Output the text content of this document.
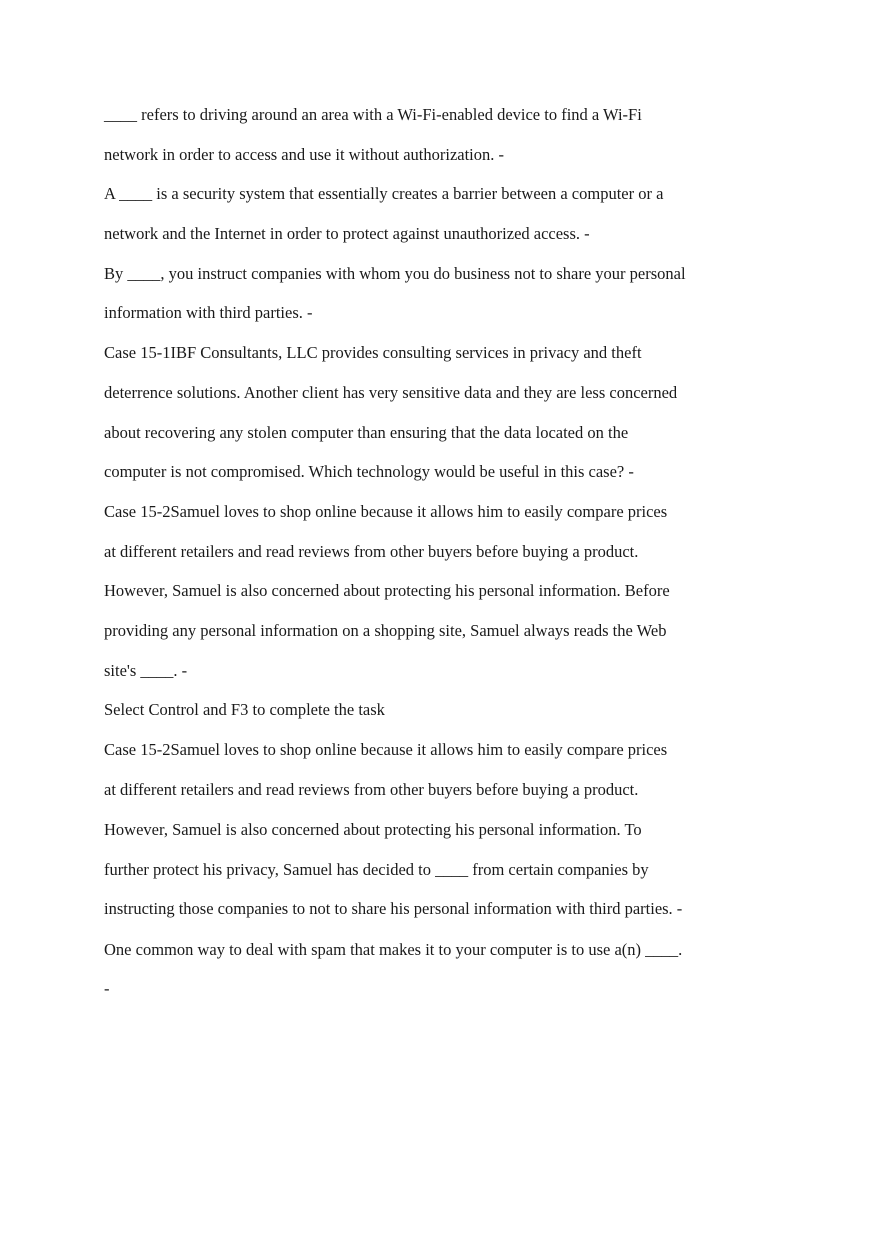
____ refers to driving around an area with a Wi-Fi-enabled device to find a Wi-Fi

network in order to access and use it without authorization. -

A ____ is a security system that essentially creates a barrier between a computer or a

network and the Internet in order to protect against unauthorized access. -

By ____, you instruct companies with whom you do business not to share your personal

information with third parties. -

Case 15-1IBF Consultants, LLC provides consulting services in privacy and theft

deterrence solutions. Another client has very sensitive data and they are less concerned

about recovering any stolen computer than ensuring that the data located on the

computer is not compromised. Which technology would be useful in this case? -

Case 15-2Samuel loves to shop online because it allows him to easily compare prices

at different retailers and read reviews from other buyers before buying a product.

However, Samuel is also concerned about protecting his personal information. Before

providing any personal information on a shopping site, Samuel always reads the Web

site's ____. -

Select Control and F3 to complete the task

Case 15-2Samuel loves to shop online because it allows him to easily compare prices

at different retailers and read reviews from other buyers before buying a product.

However, Samuel is also concerned about protecting his personal information. To

further protect his privacy, Samuel has decided to ____ from certain companies by

instructing those companies to not to share his personal information with third parties. -

One common way to deal with spam that makes it to your computer is to use a(n) ____.

-
